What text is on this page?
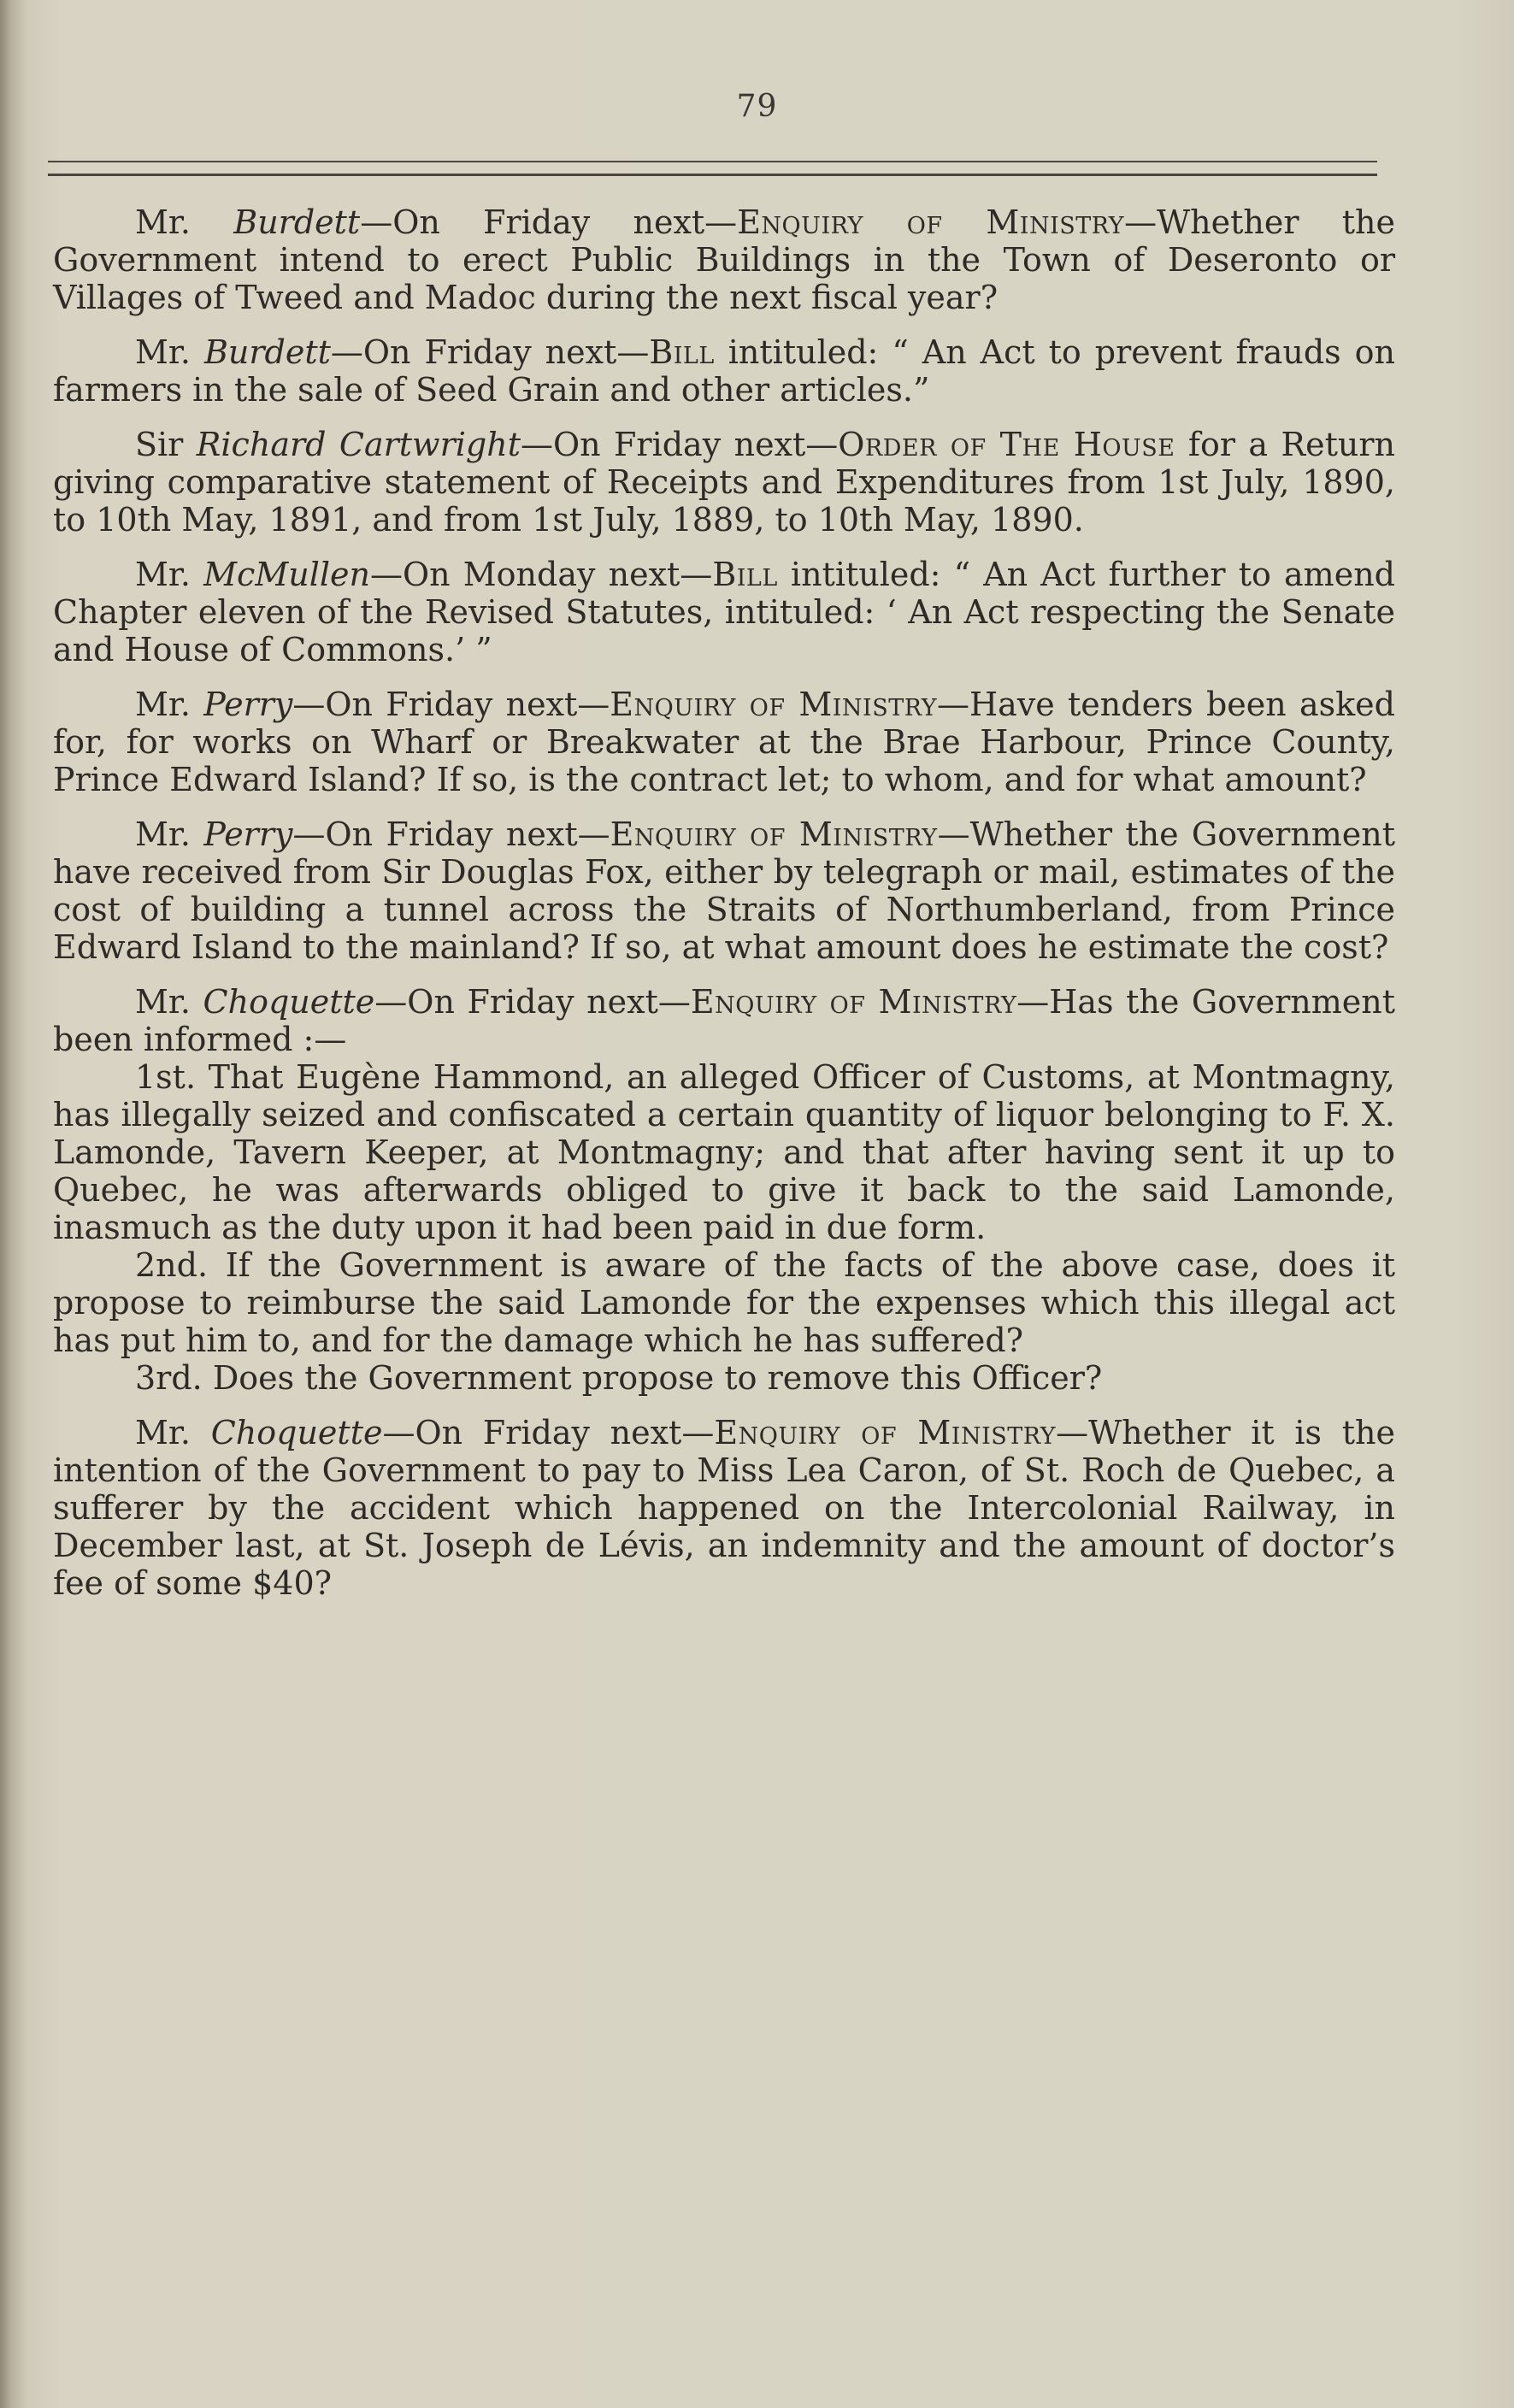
79

Mr. Burdett—On Friday next—Enquiry of Ministry—Whether the Government intend to erect Public Buildings in the Town of Deseronto or Villages of Tweed and Madoc during the next fiscal year?

Mr. Burdett—On Friday next—Bill intituled: “ An Act to prevent frauds on farmers in the sale of Seed Grain and other articles.”

Sir Richard Cartwright—On Friday next—Order of The House for a Return giving comparative statement of Receipts and Expenditures from 1st July, 1890, to 10th May, 1891, and from 1st July, 1889, to 10th May, 1890.

Mr. McMullen—On Monday next—Bill intituled: “ An Act further to amend Chapter eleven of the Revised Statutes, intituled: ‘ An Act respecting the Senate and House of Commons.’ ”

Mr. Perry—On Friday next—Enquiry of Ministry—Have tenders been asked for, for works on Wharf or Breakwater at the Brae Harbour, Prince County, Prince Edward Island? If so, is the contract let; to whom, and for what amount?

Mr. Perry—On Friday next—Enquiry of Ministry—Whether the Government have received from Sir Douglas Fox, either by telegraph or mail, estimates of the cost of building a tunnel across the Straits of Northumberland, from Prince Edward Island to the mainland? If so, at what amount does he estimate the cost?

Mr. Choquette—On Friday next—Enquiry of Ministry—Has the Government been informed :—

1st. That Eugène Hammond, an alleged Officer of Customs, at Montmagny, has illegally seized and confiscated a certain quantity of liquor belonging to F. X. Lamonde, Tavern Keeper, at Montmagny; and that after having sent it up to Quebec, he was afterwards obliged to give it back to the said Lamonde, inasmuch as the duty upon it had been paid in due form.

2nd. If the Government is aware of the facts of the above case, does it propose to reimburse the said Lamonde for the expenses which this illegal act has put him to, and for the damage which he has suffered?

3rd. Does the Government propose to remove this Officer?

Mr. Choquette—On Friday next—Enquiry of Ministry—Whether it is the intention of the Government to pay to Miss Lea Caron, of St. Roch de Quebec, a sufferer by the accident which happened on the Intercolonial Railway, in December last, at St. Joseph de Lévis, an indemnity and the amount of doctor’s fee of some $40?
